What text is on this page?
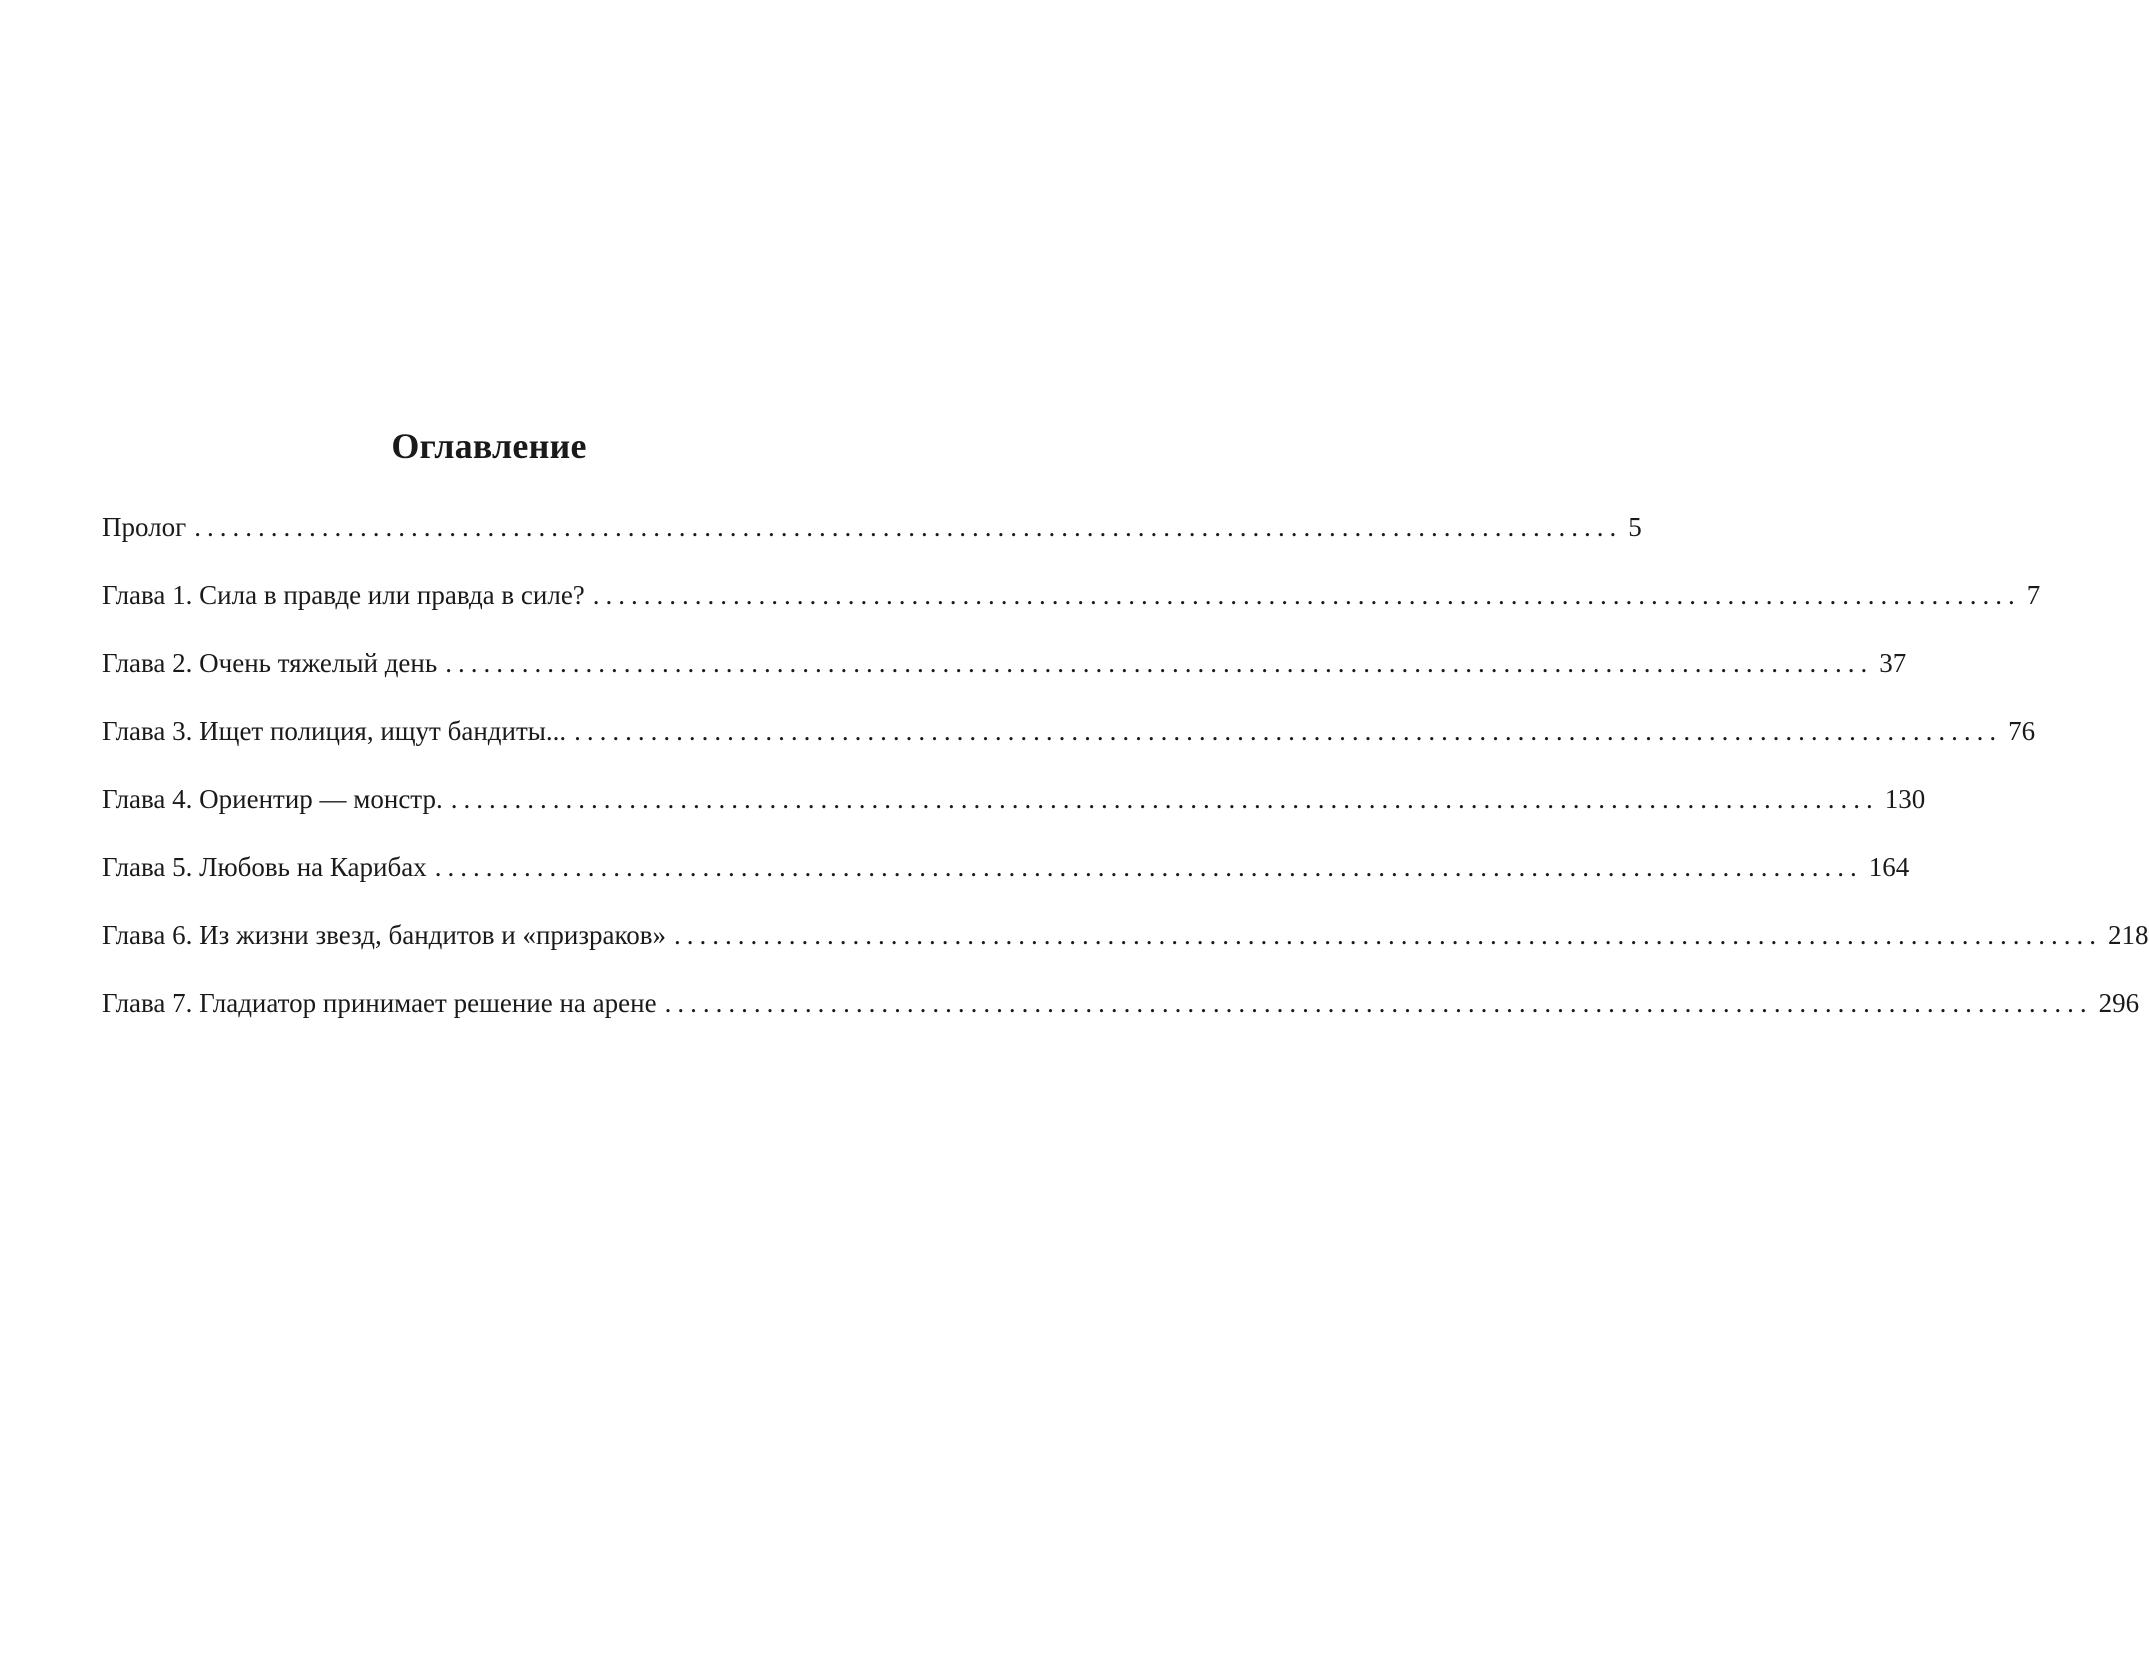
Оглавление
Пролог ................................................................................................................ 5
Глава 1. Сила в правде или правда в силе? ................................................................................................................ 7
Глава 2. Очень тяжелый день ................................................................................................................ 37
Глава 3. Ищет полиция, ищут бандиты... ................................................................................................................ 76
Глава 4. Ориентир — монстр. ................................................................................................................ 130
Глава 5. Любовь на Карибах ................................................................................................................ 164
Глава 6. Из жизни звезд, бандитов и «призраков» ................................................................................................................ 218
Глава 7. Гладиатор принимает решение на арене ................................................................................................................ 296
